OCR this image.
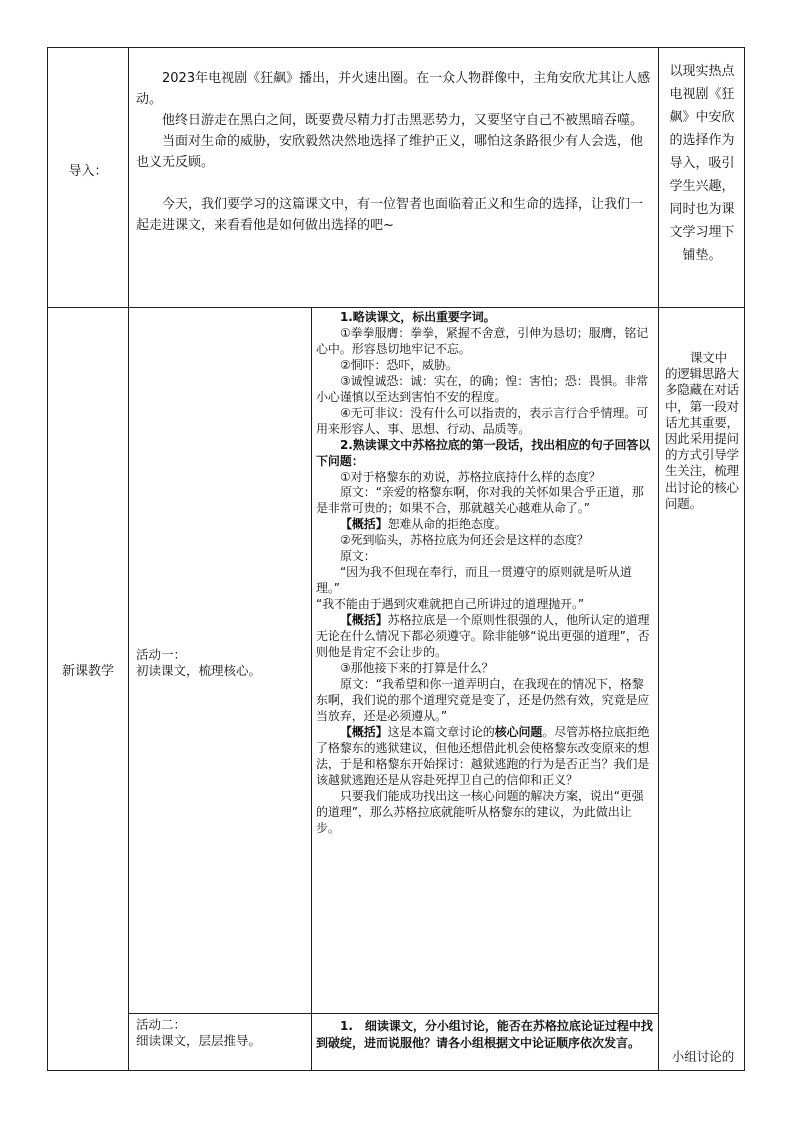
导入：

2023年电视剧《狂飙》播出，并火速出圈。在一众人物群像中，主角安欣尤其让人感动。

他终日游走在黑白之间，既要费尽精力打击黑恶势力，又要坚守自己不被黑暗吞噬。

当面对生命的威胁，安欣毅然决然地选择了维护正义，哪怕这条路很少有人会选，他也义无反顾。

今天，我们要学习的这篇课文中，有一位智者也面临着正义和生命的选择，让我们一起走进课文，来看看他是如何做出选择的吧~

以现实热点电视剧《狂飙》中安欣的选择作为导入，吸引学生兴趣，同时也为课文学习埋下铺垫。
新课教学
活动一：
初读课文，梳理核心。

1.略读课文，标出重要字词。

①拳拳服膺：拳拳，紧握不舍意，引伸为恳切；服膺，铭记心中。形容恳切地牢记不忘。

②恫吓：恐吓，威胁。

③诚惶诚恐：诚：实在，的确；惶：害怕；恐：畏惧。非常小心谨慎以至达到害怕不安的程度。

④无可非议：没有什么可以指责的，表示言行合乎情理。可用来形容人、事、思想、行动、品质等。

2.熟读课文中苏格拉底的第一段话，找出相应的句子回答以下问题：

①对于格黎东的劝说，苏格拉底持什么样的态度？

原文：“亲爱的格黎东啊，你对我的关怀如果合乎正道，那是非常可贵的；如果不合，那就越关心越难从命了。”

【概括】恕难从命的拒绝态度。

②死到临头，苏格拉底为何还会是这样的态度？

原文：

“因为我不但现在奉行，而且一贯遵守的原则就是听从道理。”

“我不能由于遇到灾难就把自己所讲过的道理抛开。”

【概括】苏格拉底是一个原则性很强的人，他所认定的道理无论在什么情况下都必须遵守。除非能够“说出更强的道理”，否则他是肯定不会让步的。

③那他接下来的打算是什么？

原文：“我希望和你一道弄明白，在我现在的情况下，格黎东啊，我们说的那个道理究竟是变了，还是仍然有效，究竟是应当放弃，还是必须遵从。”

【概括】这是本篇文章讨论的核心问题。尽管苏格拉底拒绝了格黎东的逃狱建议，但他还想借此机会使格黎东改变原来的想法，于是和格黎东开始探讨：越狱逃跑的行为是否正当？我们是该越狱逃跑还是从容赴死捍卫自己的信仰和正义？

只要我们能成功找出这一核心问题的解决方案，说出“更强的道理”，那么苏格拉底就能听从格黎东的建议，为此做出让步。

课文中的逻辑思路大多隐藏在对话中，第一段对话尤其重要，因此采用提问的方式引导学生关注，梳理出讨论的核心问题。
活动二：
细读课文，层层推导。

1.　细读课文，分小组讨论，能否在苏格拉底论证过程中找到破绽，进而说服他？请各小组根据文中论证顺序依次发言。

小组讨论的
